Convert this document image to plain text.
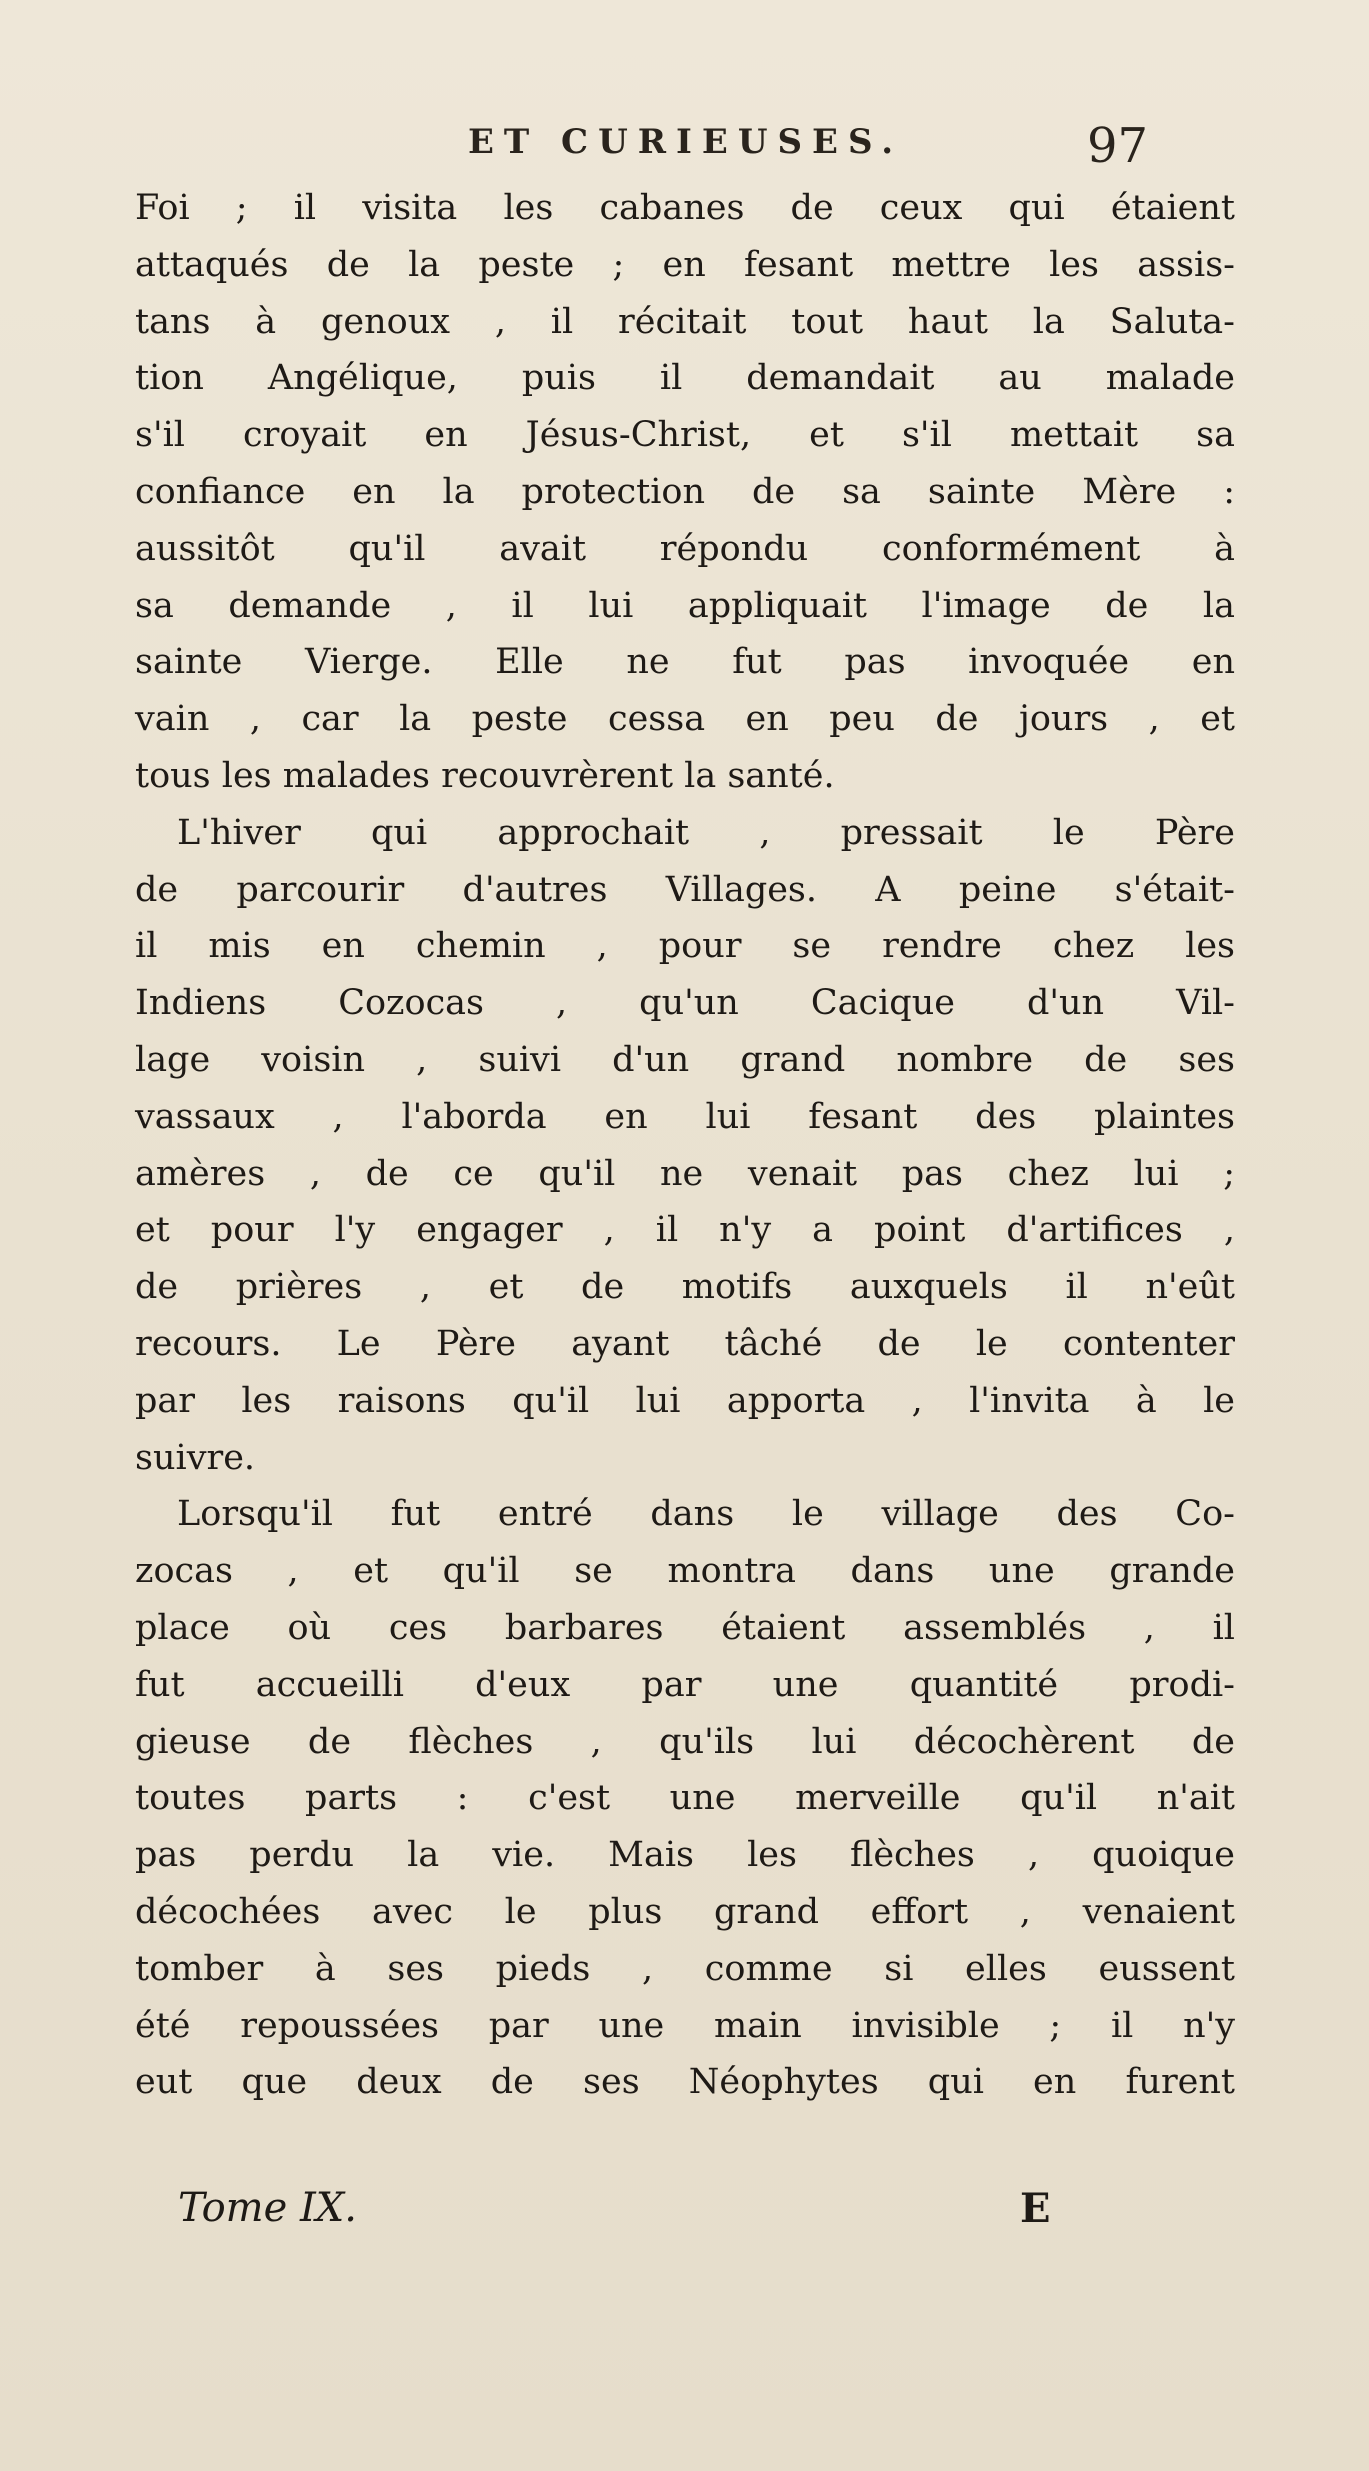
ET CURIEUSES.	97
Foi ; il visita les cabanes de ceux qui étaient
attaqués de la peste ; en fesant mettre les assis-
tans à genoux , il récitait tout haut la Saluta-
tion Angélique, puis il demandait au malade
s'il croyait en Jésus-Christ, et s'il mettait sa
confiance en la protection de sa sainte Mère :
aussitôt qu'il avait répondu conformément à
sa demande , il lui appliquait l'image de la
sainte Vierge. Elle ne fut pas invoquée en
vain , car la peste cessa en peu de jours , et
tous les malades recouvrèrent la santé.
L'hiver qui approchait , pressait le Père
de parcourir d'autres Villages. A peine s'était-
il mis en chemin , pour se rendre chez les
Indiens Cozocas , qu'un Cacique d'un Vil-
lage voisin , suivi d'un grand nombre de ses
vassaux , l'aborda en lui fesant des plaintes
amères , de ce qu'il ne venait pas chez lui ;
et pour l'y engager , il n'y a point d'artifices ,
de prières , et de motifs auxquels il n'eût
recours. Le Père ayant tâché de le contenter
par les raisons qu'il lui apporta , l'invita à le
suivre.
Lorsqu'il fut entré dans le village des Co-
zocas , et qu'il se montra dans une grande
place où ces barbares étaient assemblés , il
fut accueilli d'eux par une quantité prodi-
gieuse de flèches , qu'ils lui décochèrent de
toutes parts : c'est une merveille qu'il n'ait
pas perdu la vie. Mais les flèches , quoique
décochées avec le plus grand effort , venaient
tomber à ses pieds , comme si elles eussent
été repoussées par une main invisible ; il n'y
eut que deux de ses Néophytes qui en furent
Tome IX.	E
